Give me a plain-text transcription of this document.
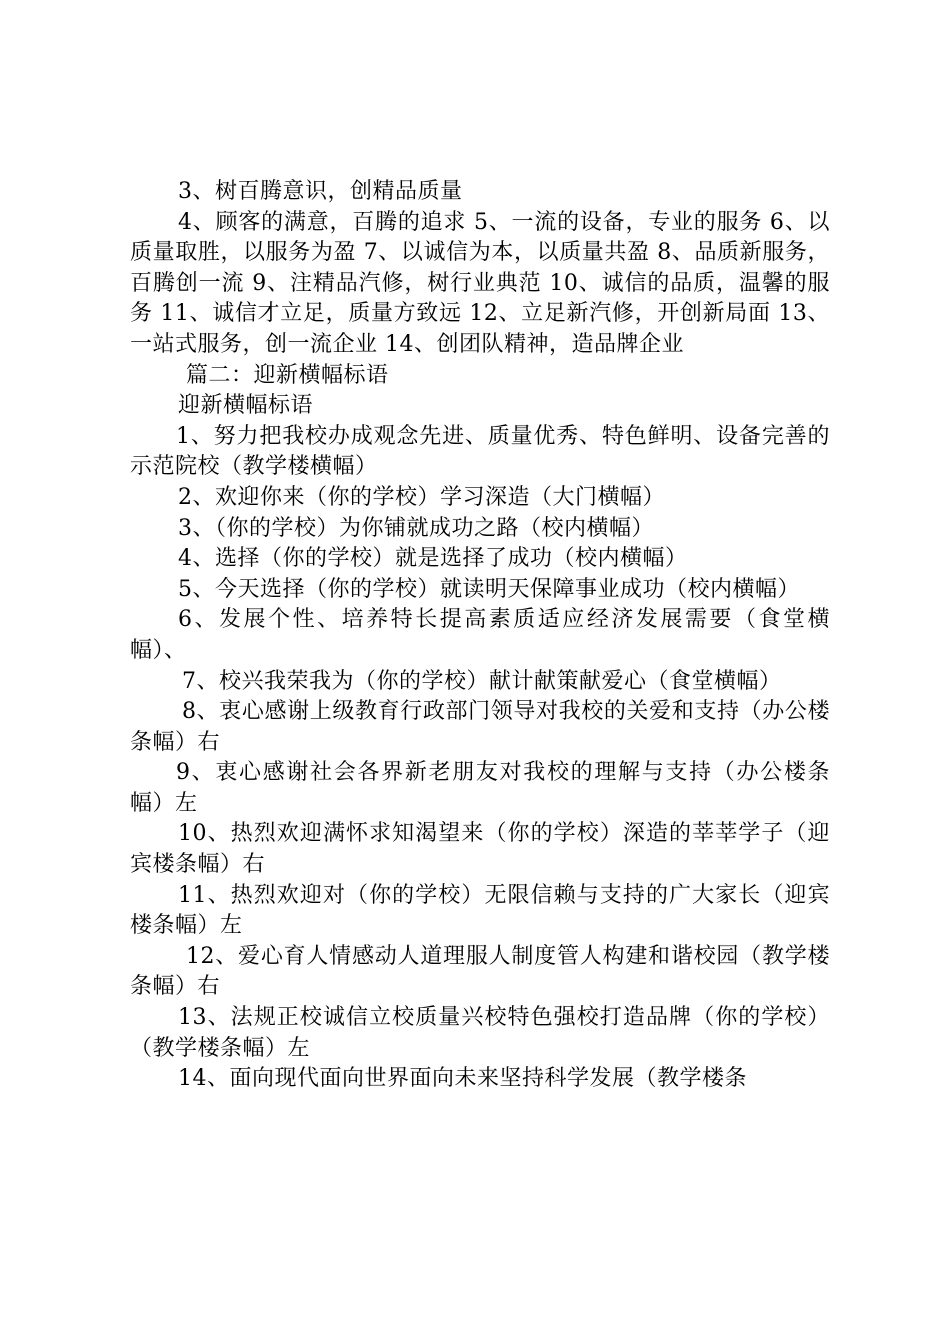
3、树百腾意识，创精品质量

4、顾客的满意，百腾的追求 5、一流的设备，专业的服务 6、以质量取胜，以服务为盈 7、以诚信为本，以质量共盈 8、品质新服务，百腾创一流 9、注精品汽修，树行业典范 10、诚信的品质，温馨的服务 11、诚信才立足，质量方致远 12、立足新汽修，开创新局面 13、一站式服务，创一流企业 14、创团队精神，造品牌企业

篇二：迎新横幅标语

迎新横幅标语

1、努力把我校办成观念先进、质量优秀、特色鲜明、设备完善的示范院校（教学楼横幅）

2、欢迎你来（你的学校）学习深造（大门横幅）

3、（你的学校）为你铺就成功之路（校内横幅）

4、选择（你的学校）就是选择了成功（校内横幅）

5、今天选择（你的学校）就读明天保障事业成功（校内横幅）

6、发展个性、培养特长提高素质适应经济发展需要（食堂横幅）、

7、校兴我荣我为（你的学校）献计献策献爱心（食堂横幅）

8、衷心感谢上级教育行政部门领导对我校的关爱和支持（办公楼条幅）右

9、衷心感谢社会各界新老朋友对我校的理解与支持（办公楼条幅）左

10、热烈欢迎满怀求知渴望来（你的学校）深造的莘莘学子（迎宾楼条幅）右

11、热烈欢迎对（你的学校）无限信赖与支持的广大家长（迎宾楼条幅）左

12、爱心育人情感动人道理服人制度管人构建和谐校园（教学楼条幅）右

13、法规正校诚信立校质量兴校特色强校打造品牌（你的学校）（教学楼条幅）左

14、面向现代面向世界面向未来坚持科学发展（教学楼条
